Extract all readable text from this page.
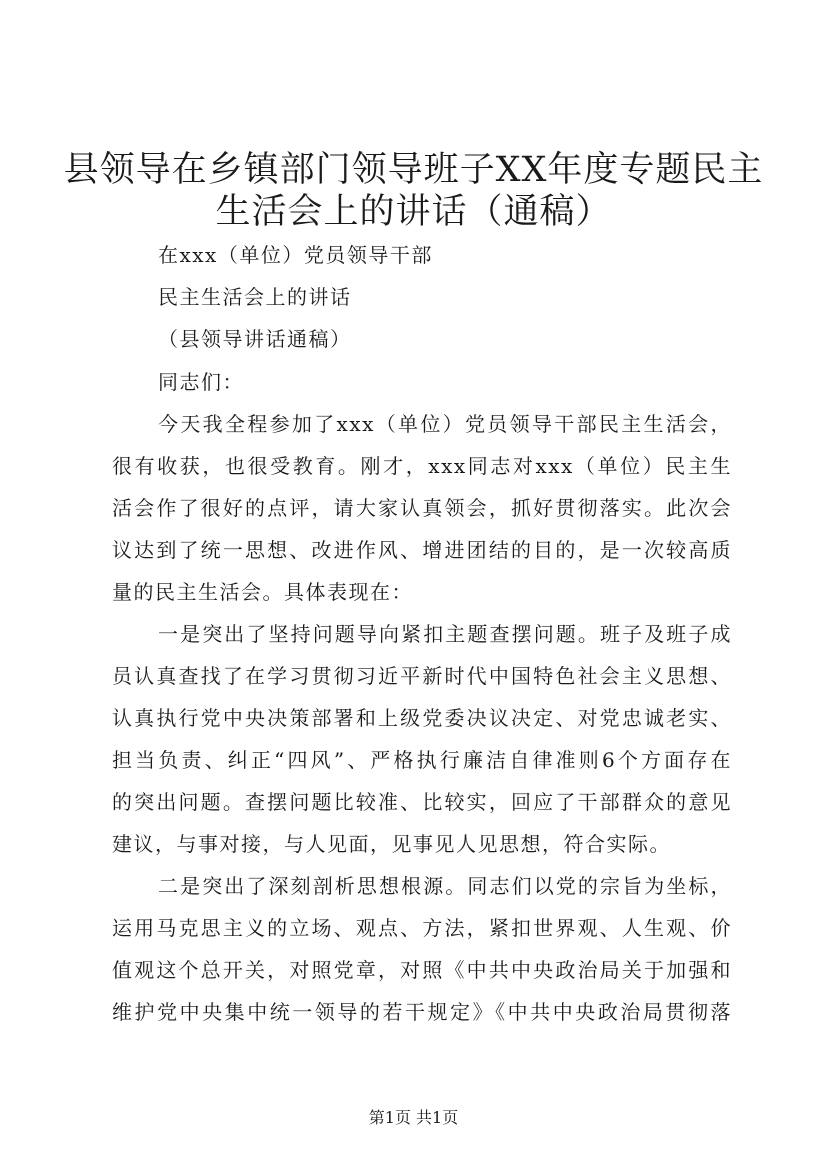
县领导在乡镇部门领导班子XX年度专题民主
生活会上的讲话（通稿）
在xxx（单位）党员领导干部
民主生活会上的讲话
（县领导讲话通稿）
同志们：
今天我全程参加了xxx（单位）党员领导干部民主生活会，
很有收获，也很受教育。刚才，xxx同志对xxx（单位）民主生
活会作了很好的点评，请大家认真领会，抓好贯彻落实。此次会
议达到了统一思想、改进作风、增进团结的目的，是一次较高质
量的民主生活会。具体表现在：
一是突出了坚持问题导向紧扣主题查摆问题。班子及班子成
员认真查找了在学习贯彻习近平新时代中国特色社会主义思想、
认真执行党中央决策部署和上级党委决议决定、对党忠诚老实、
担当负责、纠正“四风”、严格执行廉洁自律准则6个方面存在
的突出问题。查摆问题比较准、比较实，回应了干部群众的意见
建议，与事对接，与人见面，见事见人见思想，符合实际。
二是突出了深刻剖析思想根源。同志们以党的宗旨为坐标，
运用马克思主义的立场、观点、方法，紧扣世界观、人生观、价
值观这个总开关，对照党章，对照《中共中央政治局关于加强和
维护党中央集中统一领导的若干规定》《中共中央政治局贯彻落
第1页 共1页
